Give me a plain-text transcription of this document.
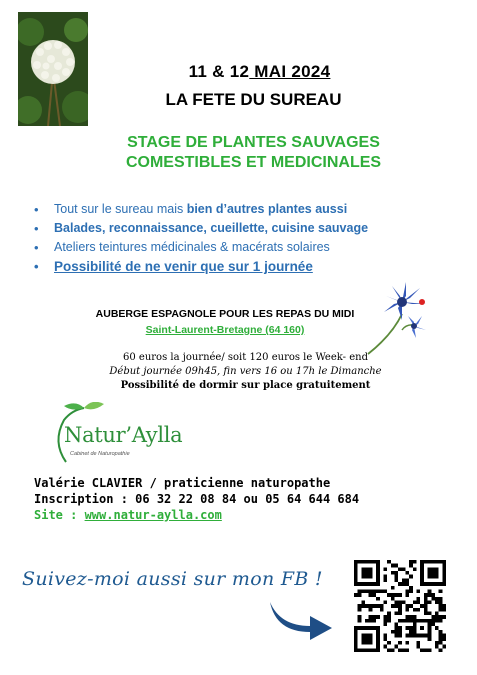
11 & 12 MAI 2024
LA FETE DU SUREAU
STAGE DE PLANTES SAUVAGES
COMESTIBLES ET MEDICINALES
• Tout sur le sureau mais bien d’autres plantes aussi
• Balades, reconnaissance, cueillette, cuisine sauvage
• Ateliers teintures médicinales & macérats solaires
• Possibilité de ne venir que sur 1 journée
AUBERGE ESPAGNOLE POUR LES REPAS DU MIDI
Saint-Laurent-Bretagne (64 160)
60 euros la journée/ soit 120 euros le Week- end
Début journée 09h45, fin vers 16 ou 17h le Dimanche
Possibilité de dormir sur place gratuitement
Natur’Aylla
Cabinet de Naturopathie
Valérie CLAVIER / praticienne naturopathe
Inscription : 06 32 22 08 84 ou 05 64 644 684
Site : www.natur-aylla.com
Suivez-moi aussi sur mon FB !
